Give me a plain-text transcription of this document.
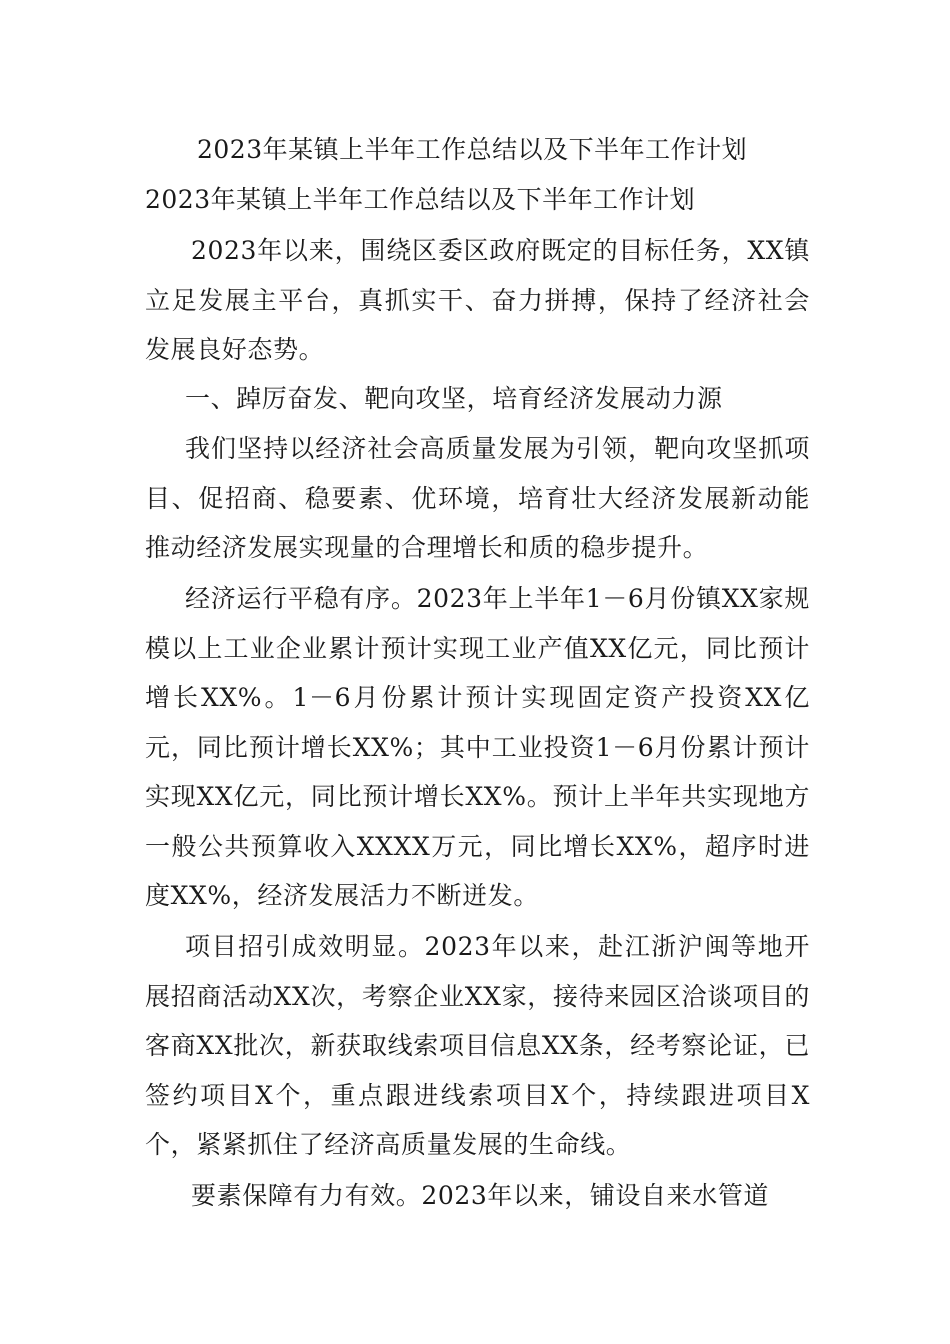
2023年某镇上半年工作总结以及下半年工作计划
2023年某镇上半年工作总结以及下半年工作计划

2023年以来，围绕区委区政府既定的目标任务，XX镇立足发展主平台，真抓实干、奋力拼搏，保持了经济社会发展良好态势。

一、踔厉奋发、靶向攻坚，培育经济发展动力源

我们坚持以经济社会高质量发展为引领，靶向攻坚抓项目、促招商、稳要素、优环境，培育壮大经济发展新动能推动经济发展实现量的合理增长和质的稳步提升。

经济运行平稳有序。2023年上半年1－6月份镇XX家规模以上工业企业累计预计实现工业产值XX亿元，同比预计增长XX%。1－6月份累计预计实现固定资产投资XX亿元，同比预计增长XX%；其中工业投资1－6月份累计预计实现XX亿元，同比预计增长XX%。预计上半年共实现地方一般公共预算收入XXXX万元，同比增长XX%，超序时进度XX%，经济发展活力不断迸发。

项目招引成效明显。2023年以来，赴江浙沪闽等地开展招商活动XX次，考察企业XX家，接待来园区洽谈项目的客商XX批次，新获取线索项目信息XX条，经考察论证，已签约项目X个，重点跟进线索项目X个，持续跟进项目X个，紧紧抓住了经济高质量发展的生命线。

要素保障有力有效。2023年以来，铺设自来水管道
